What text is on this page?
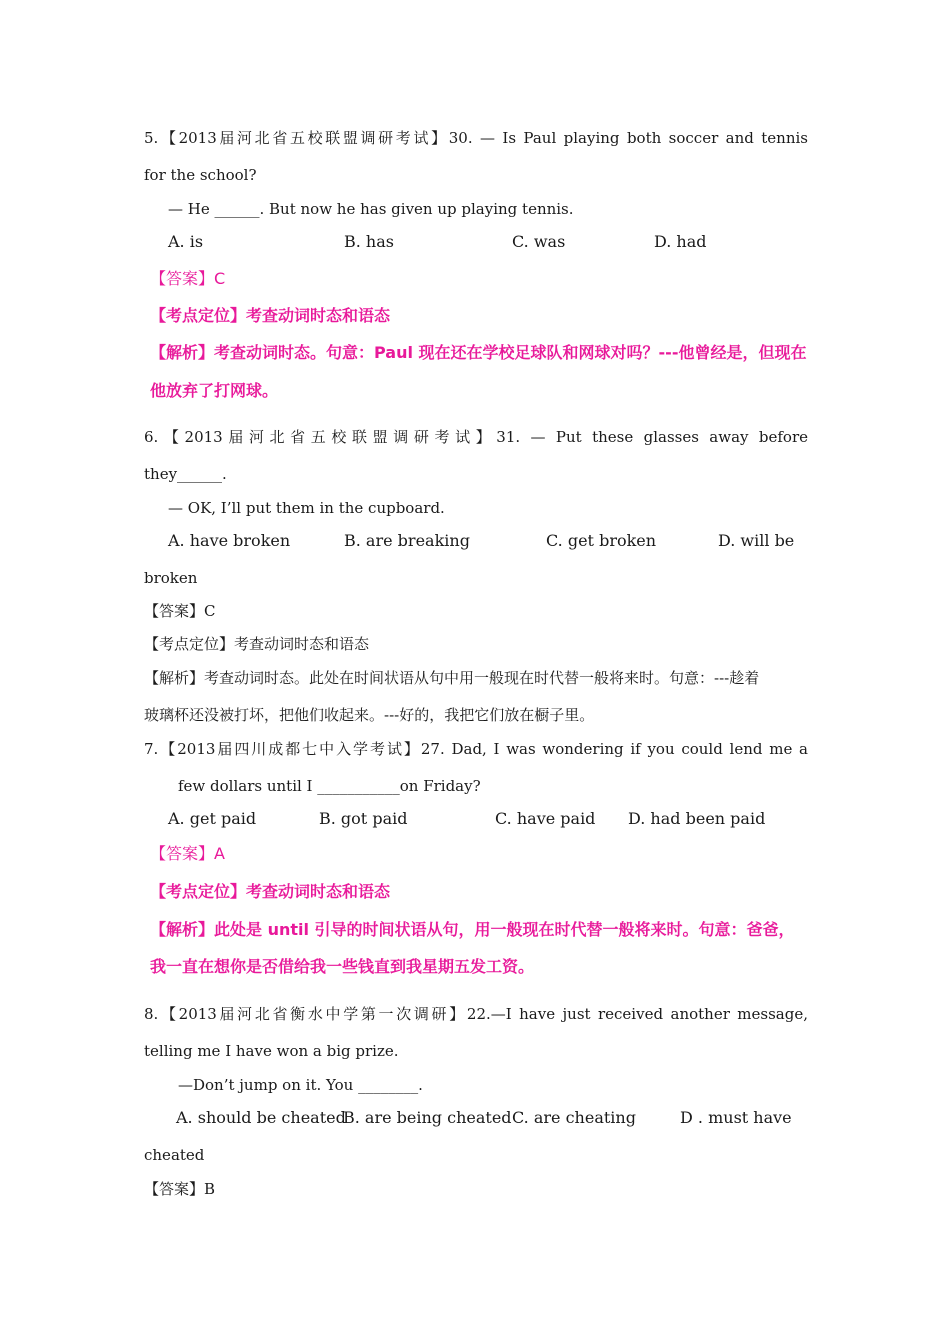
5.【2013届河北省五校联盟调研考试】30. — Is Paul playing both soccer and tennis
for the school?
— He ______. But now he has given up playing tennis.
A. is	B. has	C. was	D. had
【答案】C
【考点定位】考查动词时态和语态
【解析】考查动词时态。句意：Paul 现在还在学校足球队和网球对吗？---他曾经是，但现在
他放弃了打网球。
6.【2013届河北省五校联盟调研考试】31. — Put these glasses away before
they______.
— OK, I’ll put them in the cupboard.
A. have broken	B. are breaking	C. get broken	D. will be
broken
【答案】C
【考点定位】考查动词时态和语态
【解析】考查动词时态。此处在时间状语从句中用一般现在时代替一般将来时。句意：---趁着
玻璃杯还没被打坏，把他们收起来。---好的，我把它们放在橱子里。
7.【2013届四川成都七中入学考试】27. Dad, I was wondering if you could lend me a
few dollars until I ___________on Friday?
A. get paid	B. got paid	C. have paid D. had been paid
【答案】A
【考点定位】考查动词时态和语态
【解析】此处是 until 引导的时间状语从句，用一般现在时代替一般将来时。句意：爸爸，
我一直在想你是否借给我一些钱直到我星期五发工资。
8.【2013届河北省衡水中学第一次调研】22.—I have just received another message,
telling me I have won a big prize.
—Don’t jump on it. You ________.
A. should be cheated
B. are being cheated C. are cheating	D . must have
cheated
【答案】B
